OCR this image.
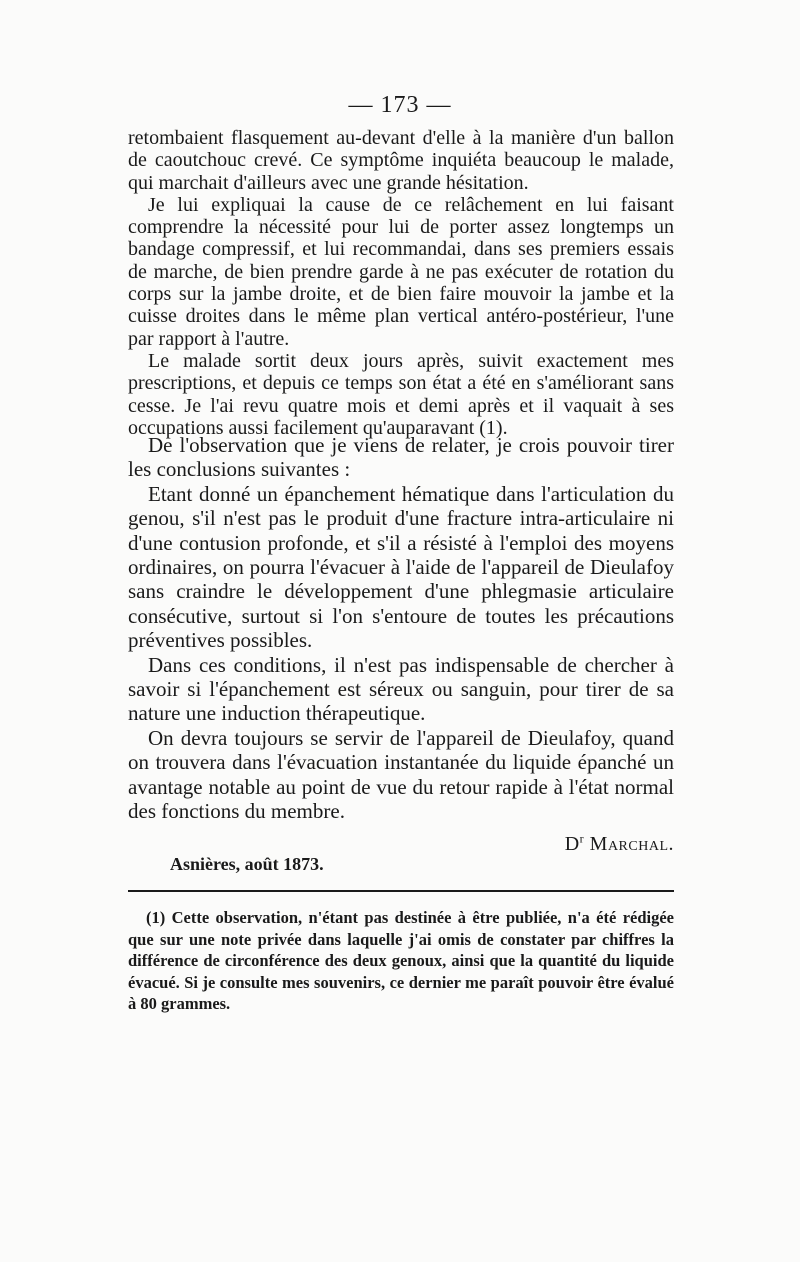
— 173 —

retombaient flasquement au-devant d'elle à la manière d'un ballon de caoutchouc crevé. Ce symptôme inquiéta beaucoup le malade, qui marchait d'ailleurs avec une grande hésitation.

Je lui expliquai la cause de ce relâchement en lui faisant comprendre la nécessité pour lui de porter assez longtemps un bandage compressif, et lui recommandai, dans ses premiers essais de marche, de bien prendre garde à ne pas exécuter de rotation du corps sur la jambe droite, et de bien faire mouvoir la jambe et la cuisse droites dans le même plan vertical antéro-postérieur, l'une par rapport à l'autre.

Le malade sortit deux jours après, suivit exactement mes prescriptions, et depuis ce temps son état a été en s'améliorant sans cesse. Je l'ai revu quatre mois et demi après et il vaquait à ses occupations aussi facilement qu'auparavant (1).

De l'observation que je viens de relater, je crois pouvoir tirer les conclusions suivantes :

Etant donné un épanchement hématique dans l'articulation du genou, s'il n'est pas le produit d'une fracture intra-articulaire ni d'une contusion profonde, et s'il a résisté à l'emploi des moyens ordinaires, on pourra l'évacuer à l'aide de l'appareil de Dieulafoy sans craindre le développement d'une phlegmasie articulaire consécutive, surtout si l'on s'entoure de toutes les précautions préventives possibles.

Dans ces conditions, il n'est pas indispensable de chercher à savoir si l'épanchement est séreux ou sanguin, pour tirer de sa nature une induction thérapeutique.

On devra toujours se servir de l'appareil de Dieulafoy, quand on trouvera dans l'évacuation instantanée du liquide épanché un avantage notable au point de vue du retour rapide à l'état normal des fonctions du membre.

$D^r$ Marchal.
Asnières, août 1873.

(1) Cette observation, n'étant pas destinée à être publiée, n'a été rédigée que sur une note privée dans laquelle j'ai omis de constater par chiffres la différence de circonférence des deux genoux, ainsi que la quantité du liquide évacué. Si je consulte mes souvenirs, ce dernier me paraît pouvoir être évalué à 80 grammes.
